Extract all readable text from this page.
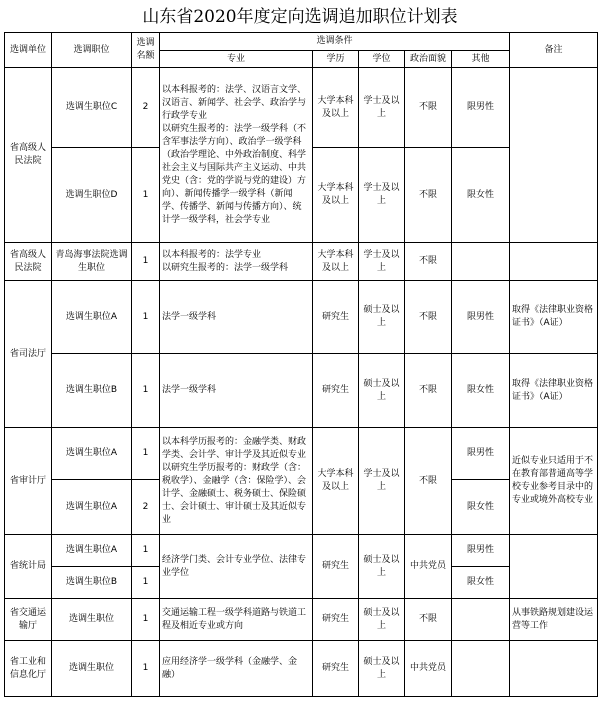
山东省2020年度定向选调追加职位计划表
选调单位	选调职位	选调名额	选调条件					备注
			专业	学历	学位	政治面貌	其他	
省高级人民法院	选调生职位C	2	以本科报考的：法学、汉语言文学、汉语言、新闻学、社会学、政治学与行政学专业
以研究生报考的：法学一级学科（不含军事法学方向）、政治学一级学科（政治学理论、中外政治制度、科学社会主义与国际共产主义运动、中共党史（含：党的学说与党的建设）方向）、新闻传播学一级学科（新闻学、传播学、新闻与传播方向）、统计学一级学科，社会学专业	大学本科及以上	学士及以上	不限	限男性	
	选调生职位D	1		大学本科及以上	学士及以上	不限	限女性	
省高级人民法院	青岛海事法院选调生职位	1	以本科报考的：法学专业
以研究生报考的：法学一级学科	大学本科及以上	学士及以上	不限		
省司法厅	选调生职位A	1	法学一级学科	研究生	硕士及以上	不限	限男性	取得《法律职业资格证书》（A证）
	选调生职位B	1	法学一级学科	研究生	硕士及以上	不限	限女性	取得《法律职业资格证书》（A证）
省审计厅	选调生职位A	1	以本科学历报考的：金融学类、财政学类、会计学、审计学及其近似专业
以研究生学历报考的：财政学（含：税收学）、金融学（含：保险学）、会计学、金融硕士、税务硕士、保险硕士、会计硕士、审计硕士及其近似专业	大学本科及以上	学士及以上	不限	限男性	近似专业只适用于不在教育部普通高等学校专业参考目录中的专业或境外高校专业
	选调生职位A	2					限女性	
省统计局	选调生职位A	1	经济学门类、会计专业学位、法律专业学位	研究生	硕士及以上	中共党员	限男性	
	选调生职位B	1					限女性	
省交通运输厅	选调生职位	1	交通运输工程一级学科道路与铁道工程及相近专业或方向	研究生	硕士及以上	不限		从事铁路规划建设运营等工作
省工业和信息化厅	选调生职位	1	应用经济学一级学科（金融学、金融）	研究生	硕士及以上	中共党员		
